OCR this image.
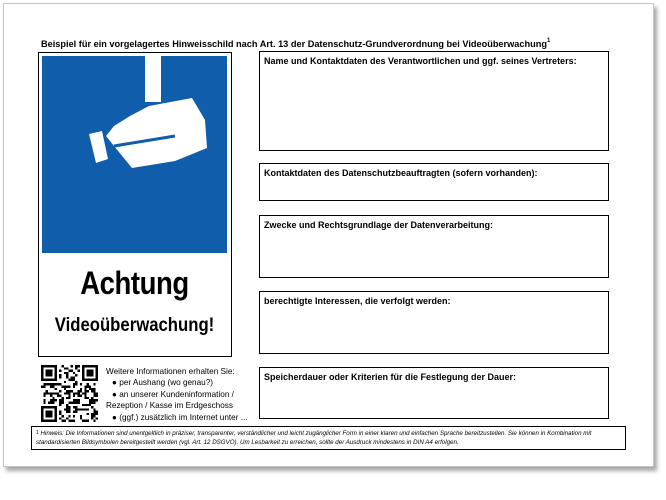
Beispiel für ein vorgelagertes Hinweisschild nach Art. 13 der Datenschutz-Grundverordnung bei Videoüberwachung$^1$
Achtung
Videoüberwachung!
Weitere Informationen erhalten Sie:
● per Aushang (wo genau?)
● an unserer Kundeninformation /
Rezeption / Kasse im Erdgeschoss
● (ggf.) zusätzlich im Internet unter ...
Name und Kontaktdaten des Verantwortlichen und ggf. seines Vertreters:
Kontaktdaten des Datenschutzbeauftragten (sofern vorhanden):
Zwecke und Rechtsgrundlage der Datenverarbeitung:
berechtigte Interessen, die verfolgt werden:
Speicherdauer oder Kriterien für die Festlegung der Dauer:
$^1$ Hinweis: Die Informationen sind unentgeltlich in präziser, transparenter, verständlicher und leicht zugänglicher Form in einer klaren und einfachen Sprache bereitzustellen. Sie können in Kombination mit standardisierten Bildsymbolen bereitgestellt werden (vgl. Art. 12 DSGVO). Um Lesbarkeit zu erreichen, sollte der Ausdruck mindestens in DIN A4 erfolgen.
